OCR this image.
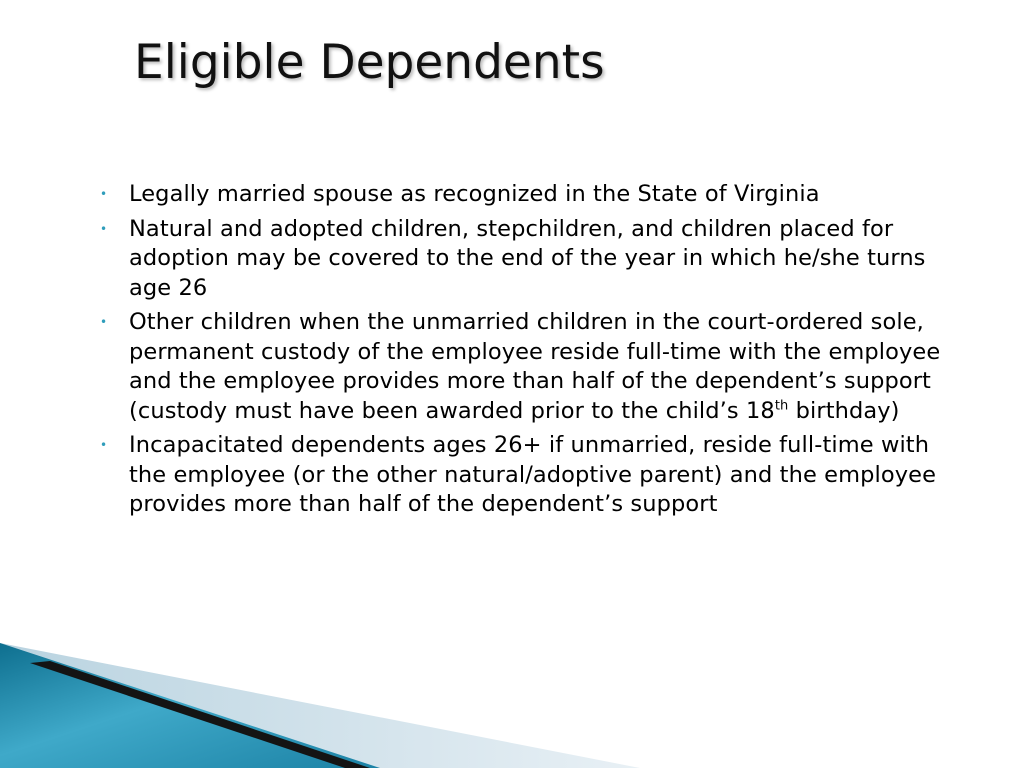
Eligible Dependents
• Legally married spouse as recognized in the State of Virginia
• Natural and adopted children, stepchildren, and children placed for adoption may be covered to the end of the year in which he/she turns age 26
• Other children when the unmarried children in the court-ordered sole, permanent custody of the employee reside full-time with the employee and the employee provides more than half of the dependent’s support (custody must have been awarded prior to the child’s 18th birthday)
• Incapacitated dependents ages 26+ if unmarried, reside full-time with the employee (or the other natural/adoptive parent) and the employee provides more than half of the dependent’s support
